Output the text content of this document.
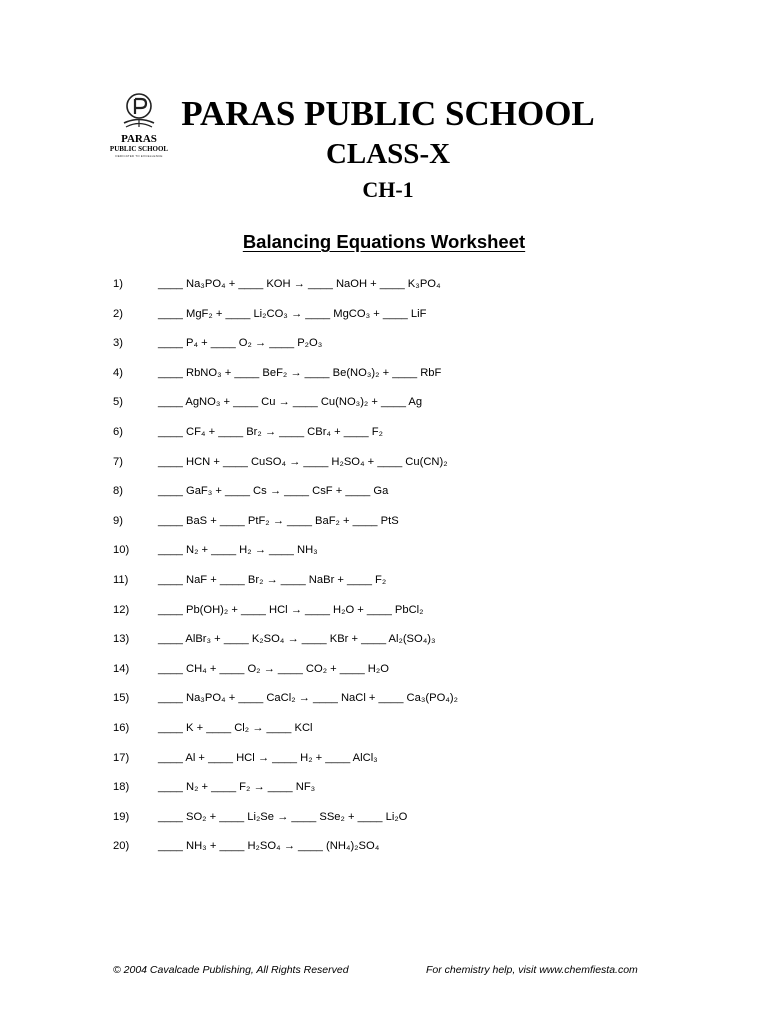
PARAS
PUBLIC SCHOOL
DEDICATED TO EXCELLENCE
PARAS PUBLIC SCHOOL
CLASS-X
CH-1
Balancing Equations Worksheet
1)	____ Na₃PO₄ + ____ KOH → ____ NaOH + ____ K₃PO₄
2)	____ MgF₂ + ____ Li₂CO₃ → ____ MgCO₃ + ____ LiF
3)	____ P₄ + ____ O₂ → ____ P₂O₃
4)	____ RbNO₃ + ____ BeF₂ → ____ Be(NO₃)₂ + ____ RbF
5)	____ AgNO₃ + ____ Cu → ____ Cu(NO₃)₂ + ____ Ag
6)	____ CF₄ + ____ Br₂ → ____ CBr₄ + ____ F₂
7)	____ HCN + ____ CuSO₄ → ____ H₂SO₄ + ____ Cu(CN)₂
8)	____ GaF₃ + ____ Cs → ____ CsF + ____ Ga
9)	____ BaS + ____ PtF₂ → ____ BaF₂ + ____ PtS
10)	____ N₂ + ____ H₂ → ____ NH₃
11)	____ NaF + ____ Br₂ → ____ NaBr + ____ F₂
12)	____ Pb(OH)₂ + ____ HCl → ____ H₂O + ____ PbCl₂
13)	____ AlBr₃ + ____ K₂SO₄ → ____ KBr + ____ Al₂(SO₄)₃
14)	____ CH₄ + ____ O₂ → ____ CO₂ + ____ H₂O
15)	____ Na₃PO₄ + ____ CaCl₂ → ____ NaCl + ____ Ca₃(PO₄)₂
16)	____ K + ____ Cl₂ → ____ KCl
17)	____ Al + ____ HCl → ____ H₂ + ____ AlCl₃
18)	____ N₂ + ____ F₂ → ____ NF₃
19)	____ SO₂ + ____ Li₂Se → ____ SSe₂ + ____ Li₂O
20)	____ NH₃ + ____ H₂SO₄ → ____ (NH₄)₂SO₄
© 2004 Cavalcade Publishing, All Rights Reserved	For chemistry help, visit www.chemfiesta.com
